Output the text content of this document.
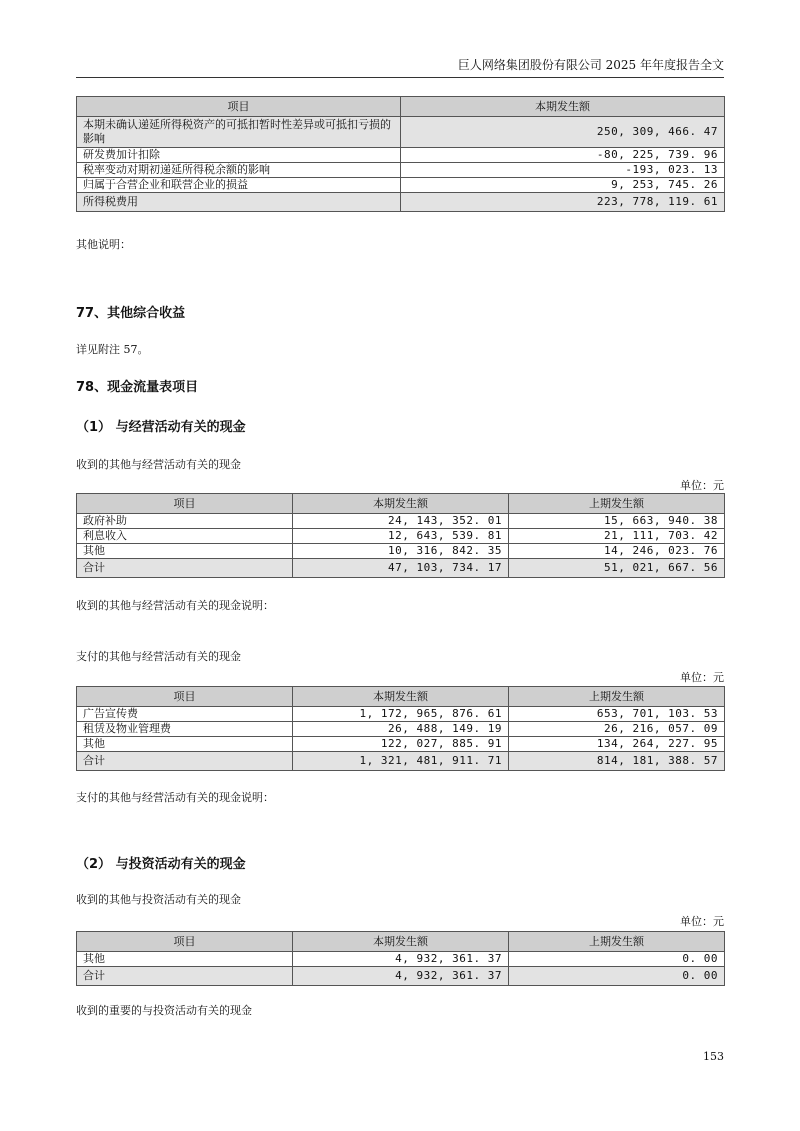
巨人网络集团股份有限公司 2025 年年度报告全文
项目	本期发生额
本期未确认递延所得税资产的可抵扣暂时性差异或可抵扣亏损的影响	250, 309, 466. 47
研发费加计扣除	-80, 225, 739. 96
税率变动对期初递延所得税余额的影响	-193, 023. 13
归属于合营企业和联营企业的损益	9, 253, 745. 26
所得税费用	223, 778, 119. 61
其他说明：
77、其他综合收益
详见附注 57。
78、现金流量表项目
（1） 与经营活动有关的现金
收到的其他与经营活动有关的现金
单位：元
项目	本期发生额	上期发生额
政府补助	24, 143, 352. 01	15, 663, 940. 38
利息收入	12, 643, 539. 81	21, 111, 703. 42
其他	10, 316, 842. 35	14, 246, 023. 76
合计	47, 103, 734. 17	51, 021, 667. 56
收到的其他与经营活动有关的现金说明：
支付的其他与经营活动有关的现金
单位：元
项目	本期发生额	上期发生额
广告宣传费	1, 172, 965, 876. 61	653, 701, 103. 53
租赁及物业管理费	26, 488, 149. 19	26, 216, 057. 09
其他	122, 027, 885. 91	134, 264, 227. 95
合计	1, 321, 481, 911. 71	814, 181, 388. 57
支付的其他与经营活动有关的现金说明：
（2） 与投资活动有关的现金
收到的其他与投资活动有关的现金
单位：元
项目	本期发生额	上期发生额
其他	4, 932, 361. 37	0. 00
合计	4, 932, 361. 37	0. 00
收到的重要的与投资活动有关的现金
153
